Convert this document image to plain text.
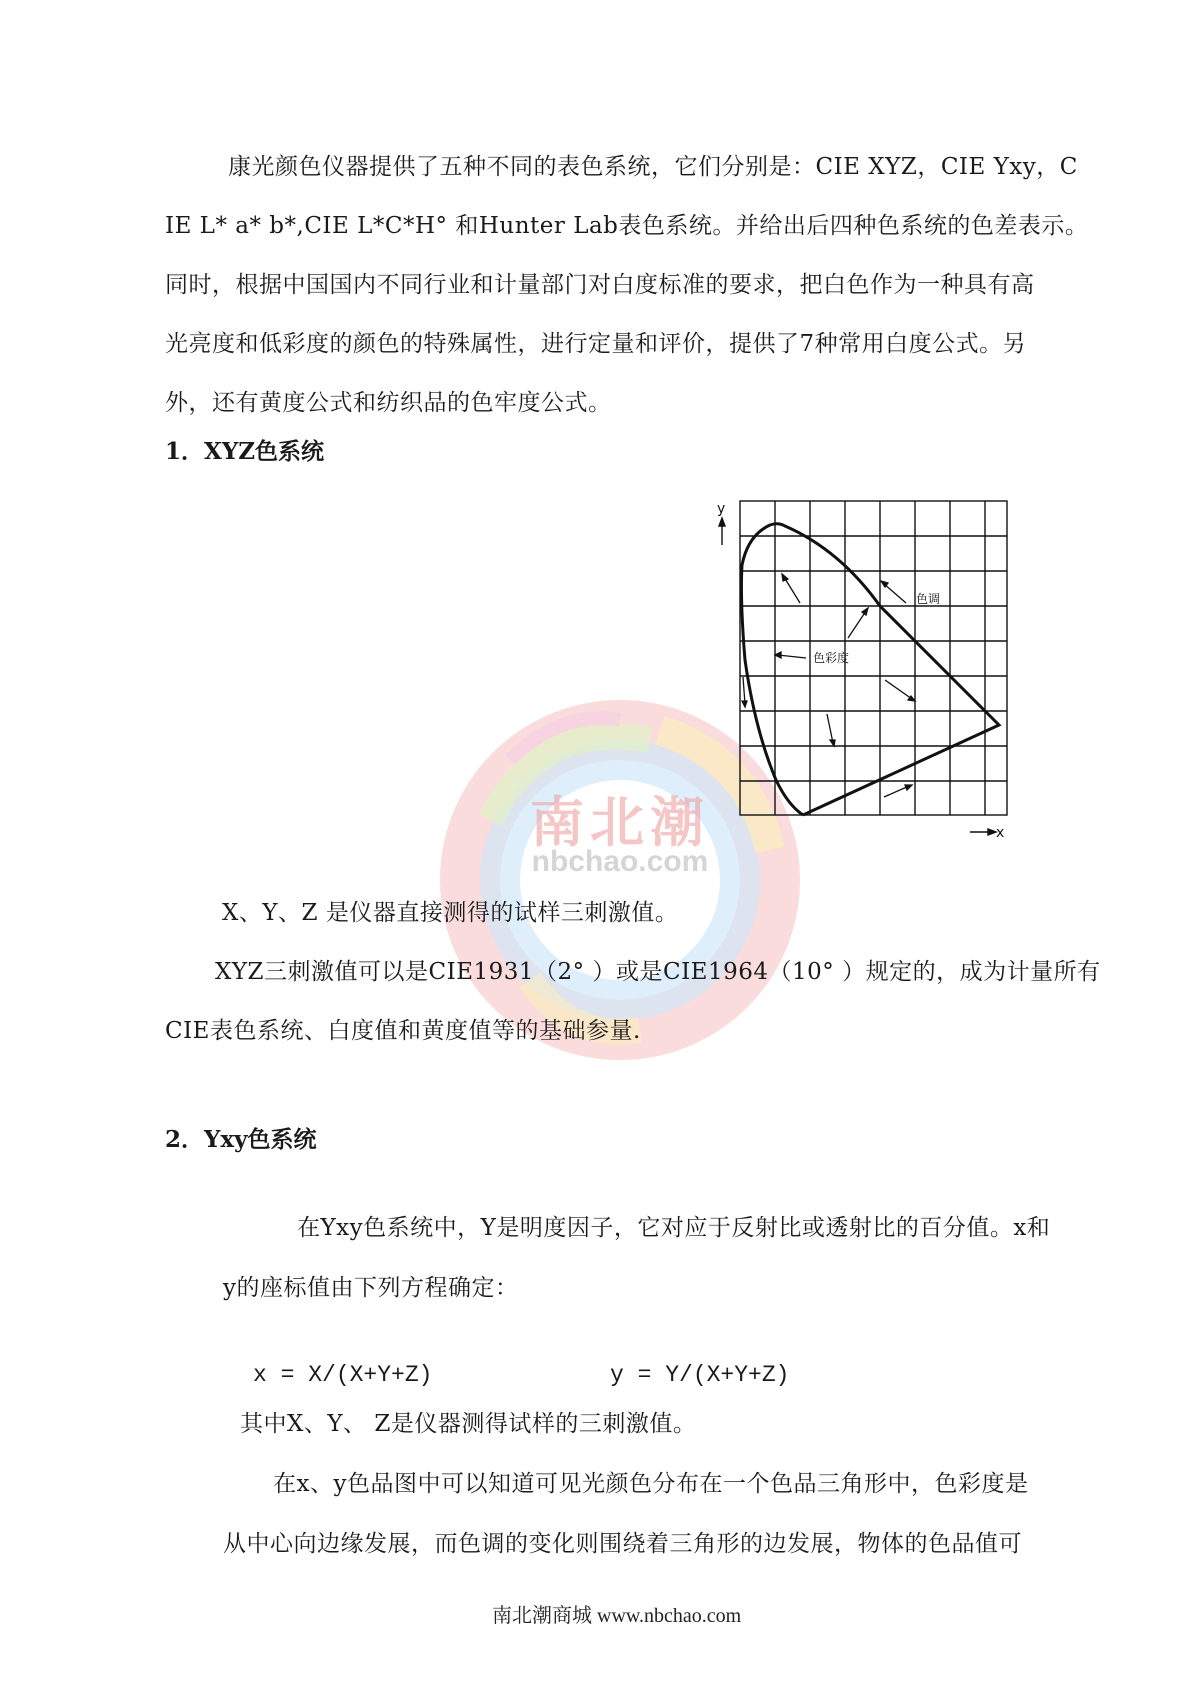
南北潮
nbchao.com
康光颜色仪器提供了五种不同的表色系统，它们分别是：CIE XYZ，CIE Yxy，C
IE L* a* b*,CIE L*C*H° 和Hunter Lab表色系统。并给出后四种色系统的色差表示。
同时，根据中国国内不同行业和计量部门对白度标准的要求，把白色作为一种具有高
光亮度和低彩度的颜色的特殊属性，进行定量和评价，提供了7种常用白度公式。另
外，还有黄度公式和纺织品的色牢度公式。
1．XYZ色系统
色调
色彩度
y
x
X、Y、Z 是仪器直接测得的试样三刺激值。
XYZ三刺激值可以是CIE1931（2° ）或是CIE1964（10° ）规定的，成为计量所有
CIE表色系统、白度值和黄度值等的基础参量.
2．Yxy色系统
在Yxy色系统中，Y是明度因子，它对应于反射比或透射比的百分值。x和
y的座标值由下列方程确定：
x = X/(X+Y+Z)	y = Y/(X+Y+Z)
其中X、Y、 Z是仪器测得试样的三刺激值。
在x、y色品图中可以知道可见光颜色分布在一个色品三角形中，色彩度是
从中心向边缘发展，而色调的变化则围绕着三角形的边发展，物体的色品值可
南北潮商城 www.nbchao.com
